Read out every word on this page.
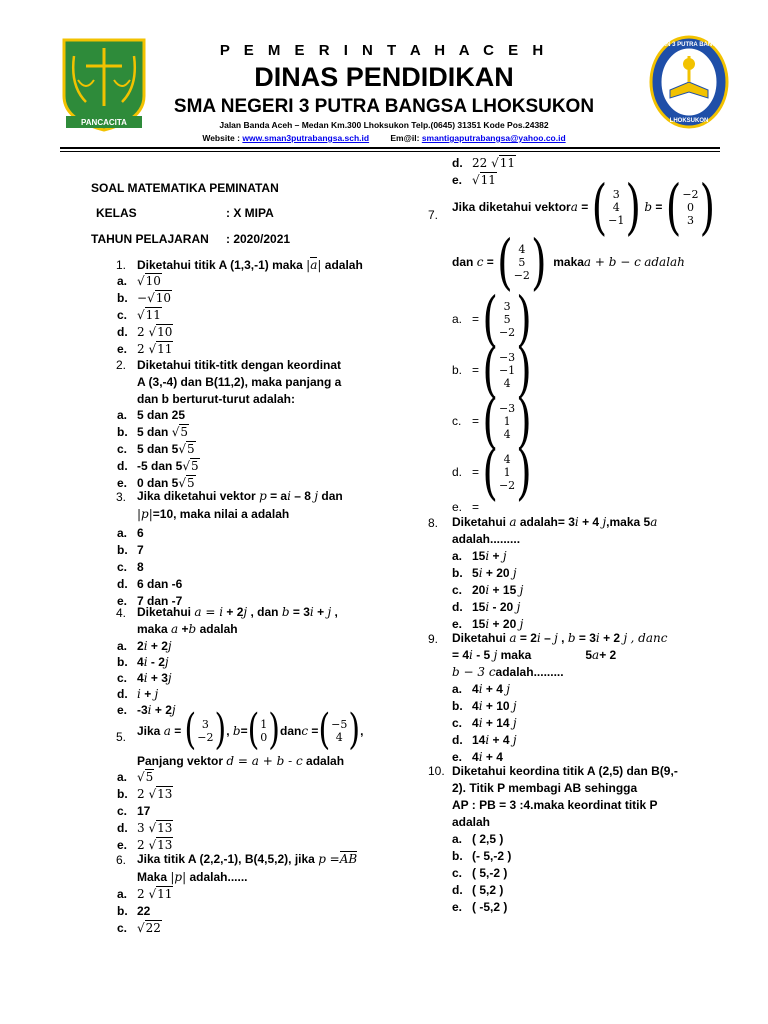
PANCACITA
P E M E R I N T A H A C E H
DINAS PENDIDIKAN
SMA NEGERI 3 PUTRA BANGSA LHOKSUKON
Jalan Banda Aceh – Medan Km.300 Lhoksukon Telp.(0645) 31351 Kode Pos.24382
Website : www.sman3putrabangsa.sch.id	Em@il: smantigaputrabangsa@yahoo.co.id
SMAN 3 PUTRA BANGSA
LHOKSUKON
SOAL MATEMATIKA PEMINATAN
KELAS	: X MIPA
TAHUN PELAJARAN : 2020/2021
1. Diketahui titik A (1,3,-1) maka |a| adalah
a. √10
b. −√10
c. √11
d. 2 √10
e. 2 √11
2. Diketahui titik-titk dengan keordinat
A (3,-4) dan B(11,2), maka panjang a
dan b berturut-turut adalah:
a. 5 dan 25
b. 5 dan √5
c. 5 dan 5√5
d. -5 dan 5√5
e. 0 dan 5√5
3. Jika diketahui vektor p = ai – 8 j dan
|p|=10, maka nilai a adalah
a. 6
b. 7
c. 8
d. 6 dan -6
e. 7 dan -7
4. Diketahui a = i + 2j , dan b = 3i + j ,
maka a +b adalah
a. 2i + 2j
b. 4i - 2j
c. 4i + 3j
d. i + j
e. -3i + 2j
5. Jika
a = ( 3
−2 ) , b = ( 1
0 ) dan c = ( −5
4 ) ,
Panjang vektor d = a + b - c adalah
a. √5
b. 2 √13
c. 17
d. 3 √13
e. 2 √13
6. Jika titik A (2,2,-1), B(4,5,2), jika p =AB
Maka |p| adalah......
a. 2 √11
b. 22
c. √22
d. 22 √11
e. √11
7.
Jika diketahui vektor a = ( 3
4
−1 )
b = ( −2
0
3 )
dan
c = ( 4
5
−2 )
maka a + b − c
adalah
a. = ( 3
5
−2 )
b. = ( −3
−1
4 )
c. = ( −3
1
4 )
d. = ( 4
1
−2 )
e. =
8. Diketahui a adalah= 3i + 4 j,maka 5a
adalah.........
a. 15i + j
b. 5i + 20 j
c. 20i + 15 j
d. 15i - 20 j
e. 15i + 20 j
9. Diketahui a = 2i – j , b = 3i + 2 j , danc
= 4i - 5 j maka	5a+ 2
b − 3 cadalah.........
a. 4i + 4 j
b. 4i + 10 j
c. 4i + 14 j
d. 14i + 4 j
e. 4i + 4
10. Diketahui keordina titik A (2,5) dan B(9,-
2). Titik P membagi AB sehingga
AP : PB = 3 :4.maka keordinat titik P
adalah
a. ( 2,5 )
b. (- 5,-2 )
c. ( 5,-2 )
d. ( 5,2 )
e. ( -5,2 )
